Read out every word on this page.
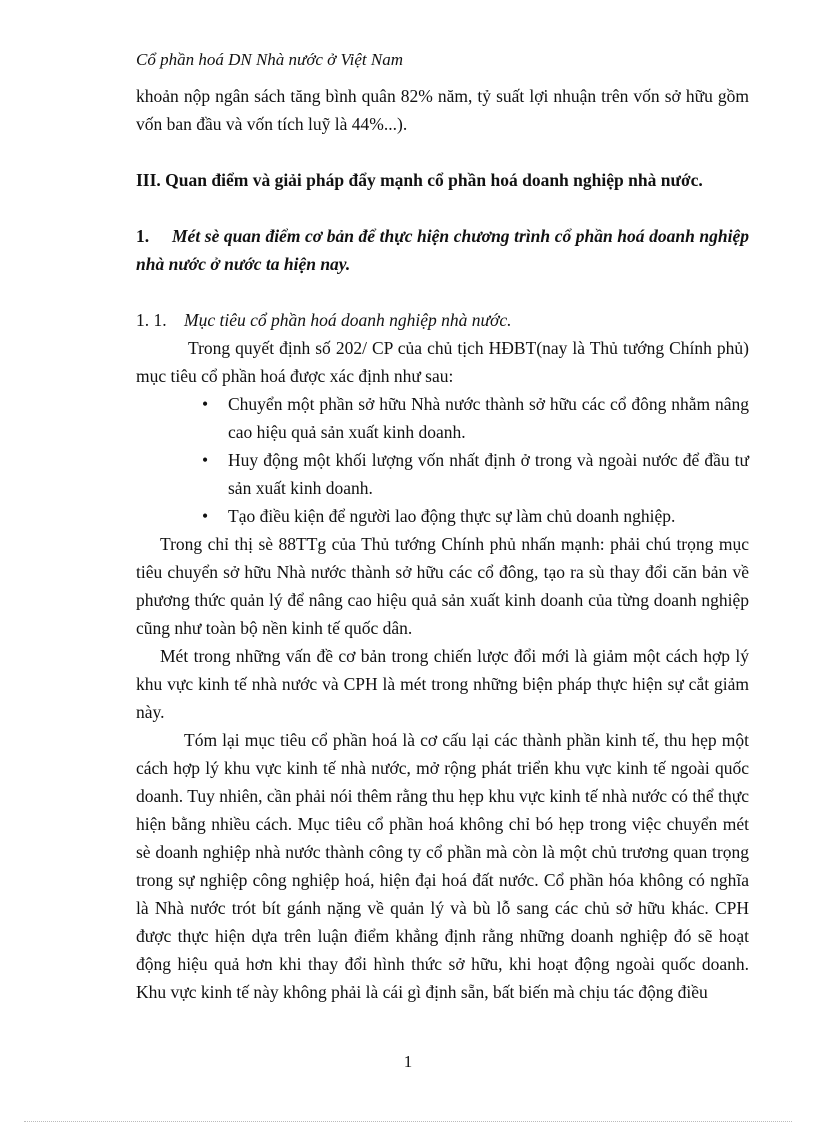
Cổ phần hoá DN Nhà nước ở Việt Nam
khoản nộp ngân sách tăng bình quân 82% năm, tỷ suất lợi nhuận trên vốn sở hữu gồm vốn ban đầu và vốn tích luỹ là 44%...).
III. Quan điểm và giải pháp đẩy mạnh cổ phần hoá doanh nghiệp nhà nước.
1. Mét sè quan điểm cơ bản để thực hiện chương trình cổ phần hoá doanh nghiệp nhà nước ở nước ta hiện nay.
1. 1. Mục tiêu cổ phần hoá doanh nghiệp nhà nước.
Trong quyết định số 202/ CP của chủ tịch HĐBT(nay là Thủ tướng Chính phủ) mục tiêu cổ phần hoá được xác định như sau:
• Chuyển một phần sở hữu Nhà nước thành sở hữu các cổ đông nhằm nâng cao hiệu quả sản xuất kinh doanh.
• Huy động một khối lượng vốn nhất định ở trong và ngoài nước để đầu tư sản xuất kinh doanh.
• Tạo điều kiện để người lao động thực sự làm chủ doanh nghiệp.
Trong chỉ thị sè 88TTg của Thủ tướng Chính phủ nhấn mạnh: phải chú trọng mục tiêu chuyển sở hữu Nhà nước thành sở hữu các cổ đông, tạo ra sù thay đổi căn bản về phương thức quản lý để nâng cao hiệu quả sản xuất kinh doanh của từng doanh nghiệp cũng như toàn bộ nền kinh tế quốc dân.
Mét trong những vấn đề cơ bản trong chiến lược đổi mới là giảm một cách hợp lý khu vực kinh tế nhà nước và CPH là mét trong những biện pháp thực hiện sự cắt giảm này.
Tóm lại mục tiêu cổ phần hoá là cơ cấu lại các thành phần kinh tế, thu hẹp một cách hợp lý khu vực kinh tế nhà nước, mở rộng phát triển khu vực kinh tế ngoài quốc doanh. Tuy nhiên, cần phải nói thêm rằng thu hẹp khu vực kinh tế nhà nước có thể thực hiện bằng nhiều cách. Mục tiêu cổ phần hoá không chỉ bó hẹp trong việc chuyển mét sè doanh nghiệp nhà nước thành công ty cổ phần mà còn là một chủ trương quan trọng trong sự nghiệp công nghiệp hoá, hiện đại hoá đất nước. Cổ phần hóa không có nghĩa là Nhà nước trót bít gánh nặng về quản lý và bù lỗ sang các chủ sở hữu khác. CPH được thực hiện dựa trên luận điểm khẳng định rằng những doanh nghiệp đó sẽ hoạt động hiệu quả hơn khi thay đổi hình thức sở hữu, khi hoạt động ngoài quốc doanh. Khu vực kinh tế này không phải là cái gì định sẵn, bất biến mà chịu tác động điều
1
